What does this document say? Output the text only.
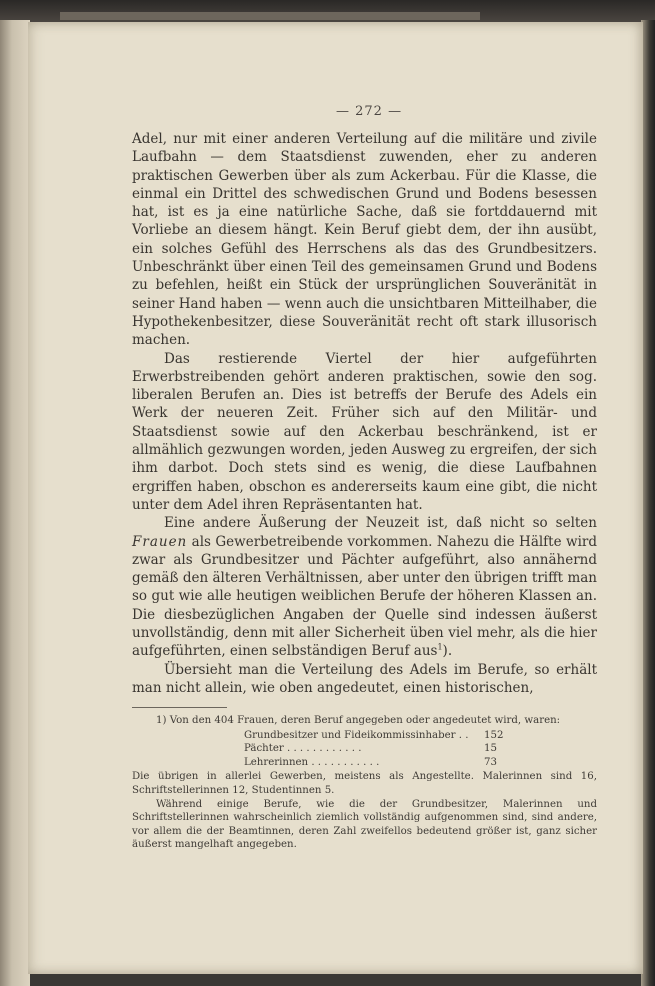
— 272 —

Adel, nur mit einer anderen Verteilung auf die militäre und zivile Laufbahn — dem Staatsdienst zuwenden, eher zu anderen praktischen Gewerben über als zum Ackerbau. Für die Klasse, die einmal ein Drittel des schwedischen Grund und Bodens besessen hat, ist es ja eine natürliche Sache, daß sie fortddauernd mit Vorliebe an diesem hängt. Kein Beruf giebt dem, der ihn ausübt, ein solches Gefühl des Herrschens als das des Grundbesitzers. Unbeschränkt über einen Teil des gemeinsamen Grund und Bodens zu befehlen, heißt ein Stück der ursprünglichen Souveränität in seiner Hand haben — wenn auch die unsichtbaren Mitteilhaber, die Hypothekenbesitzer, diese Souveränität recht oft stark illusorisch machen.

Das restierende Viertel der hier aufgeführten Erwerbstreibenden gehört anderen praktischen, sowie den sog. liberalen Berufen an. Dies ist betreffs der Berufe des Adels ein Werk der neueren Zeit. Früher sich auf den Militär- und Staatsdienst sowie auf den Ackerbau beschränkend, ist er allmählich gezwungen worden, jeden Ausweg zu ergreifen, der sich ihm darbot. Doch stets sind es wenig, die diese Laufbahnen ergriffen haben, obschon es andererseits kaum eine gibt, die nicht unter dem Adel ihren Repräsentanten hat.

Eine andere Äußerung der Neuzeit ist, daß nicht so selten Frauen als Gewerbetreibende vorkommen. Nahezu die Hälfte wird zwar als Grundbesitzer und Pächter aufgeführt, also annähernd gemäß den älteren Verhältnissen, aber unter den übrigen trifft man so gut wie alle heutigen weiblichen Berufe der höheren Klassen an. Die diesbezüglichen Angaben der Quelle sind indessen äußerst unvollständig, denn mit aller Sicherheit üben viel mehr, als die hier aufgeführten, einen selbständigen Beruf aus$^1$).

Übersieht man die Verteilung des Adels im Berufe, so erhält man nicht allein, wie oben angedeutet, einen historischen,

1) Von den 404 Frauen, deren Beruf angegeben oder angedeutet wird, waren:

Grundbesitzer und Fideikommissinhaber . .	152
Pächter . . . . . . . . . . . .	15
Lehrerinnen . . . . . . . . . . .	73

Die übrigen in allerlei Gewerben, meistens als Angestellte. Malerinnen sind 16, Schriftstellerinnen 12, Studentinnen 5.

Während einige Berufe, wie die der Grundbesitzer, Malerinnen und Schriftstellerinnen wahrscheinlich ziemlich vollständig aufgenommen sind, sind andere, vor allem die der Beamtinnen, deren Zahl zweifellos bedeutend größer ist, ganz sicher äußerst mangelhaft angegeben.
